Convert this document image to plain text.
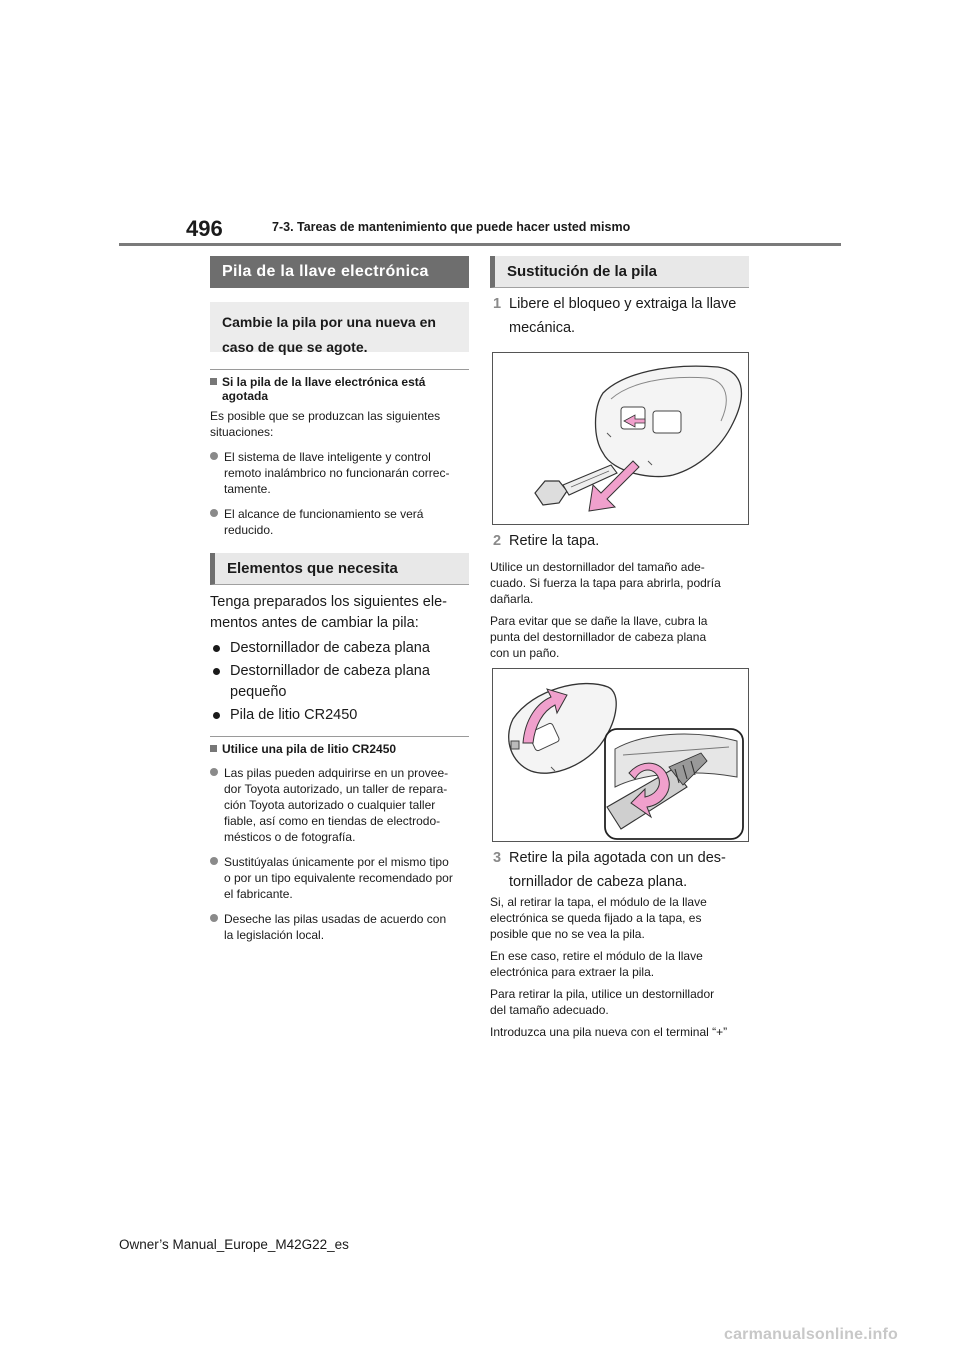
496	7-3. Tareas de mantenimiento que puede hacer usted mismo
Pila de la llave electrónica
Cambie la pila por una nueva en
caso de que se agote.
Si la pila de la llave electrónica está
agotada
Es posible que se produzcan las siguientes
situaciones:
El sistema de llave inteligente y control
remoto inalámbrico no funcionarán correc-
tamente.
El alcance de funcionamiento se verá
reducido.
Elementos que necesita
Tenga preparados los siguientes ele-
mentos antes de cambiar la pila:
Destornillador de cabeza plana
Destornillador de cabeza plana
pequeño
Pila de litio CR2450
Utilice una pila de litio CR2450
Las pilas pueden adquirirse en un provee-
dor Toyota autorizado, un taller de repara-
ción Toyota autorizado o cualquier taller
fiable, así como en tiendas de electrodo-
mésticos o de fotografía.
Sustitúyalas únicamente por el mismo tipo
o por un tipo equivalente recomendado por
el fabricante.
Deseche las pilas usadas de acuerdo con
la legislación local.
Sustitución de la pila
1 Libere el bloqueo y extraiga la llave
mecánica.
2 Retire la tapa.
Utilice un destornillador del tamaño ade-
cuado. Si fuerza la tapa para abrirla, podría
dañarla.
Para evitar que se dañe la llave, cubra la
punta del destornillador de cabeza plana
con un paño.
3 Retire la pila agotada con un des-
tornillador de cabeza plana.
Si, al retirar la tapa, el módulo de la llave
electrónica se queda fijado a la tapa, es
posible que no se vea la pila.
En ese caso, retire el módulo de la llave
electrónica para extraer la pila.
Para retirar la pila, utilice un destornillador
del tamaño adecuado.
Introduzca una pila nueva con el terminal “+”
Owner’s Manual_Europe_M42G22_es
carmanualsonline.info
